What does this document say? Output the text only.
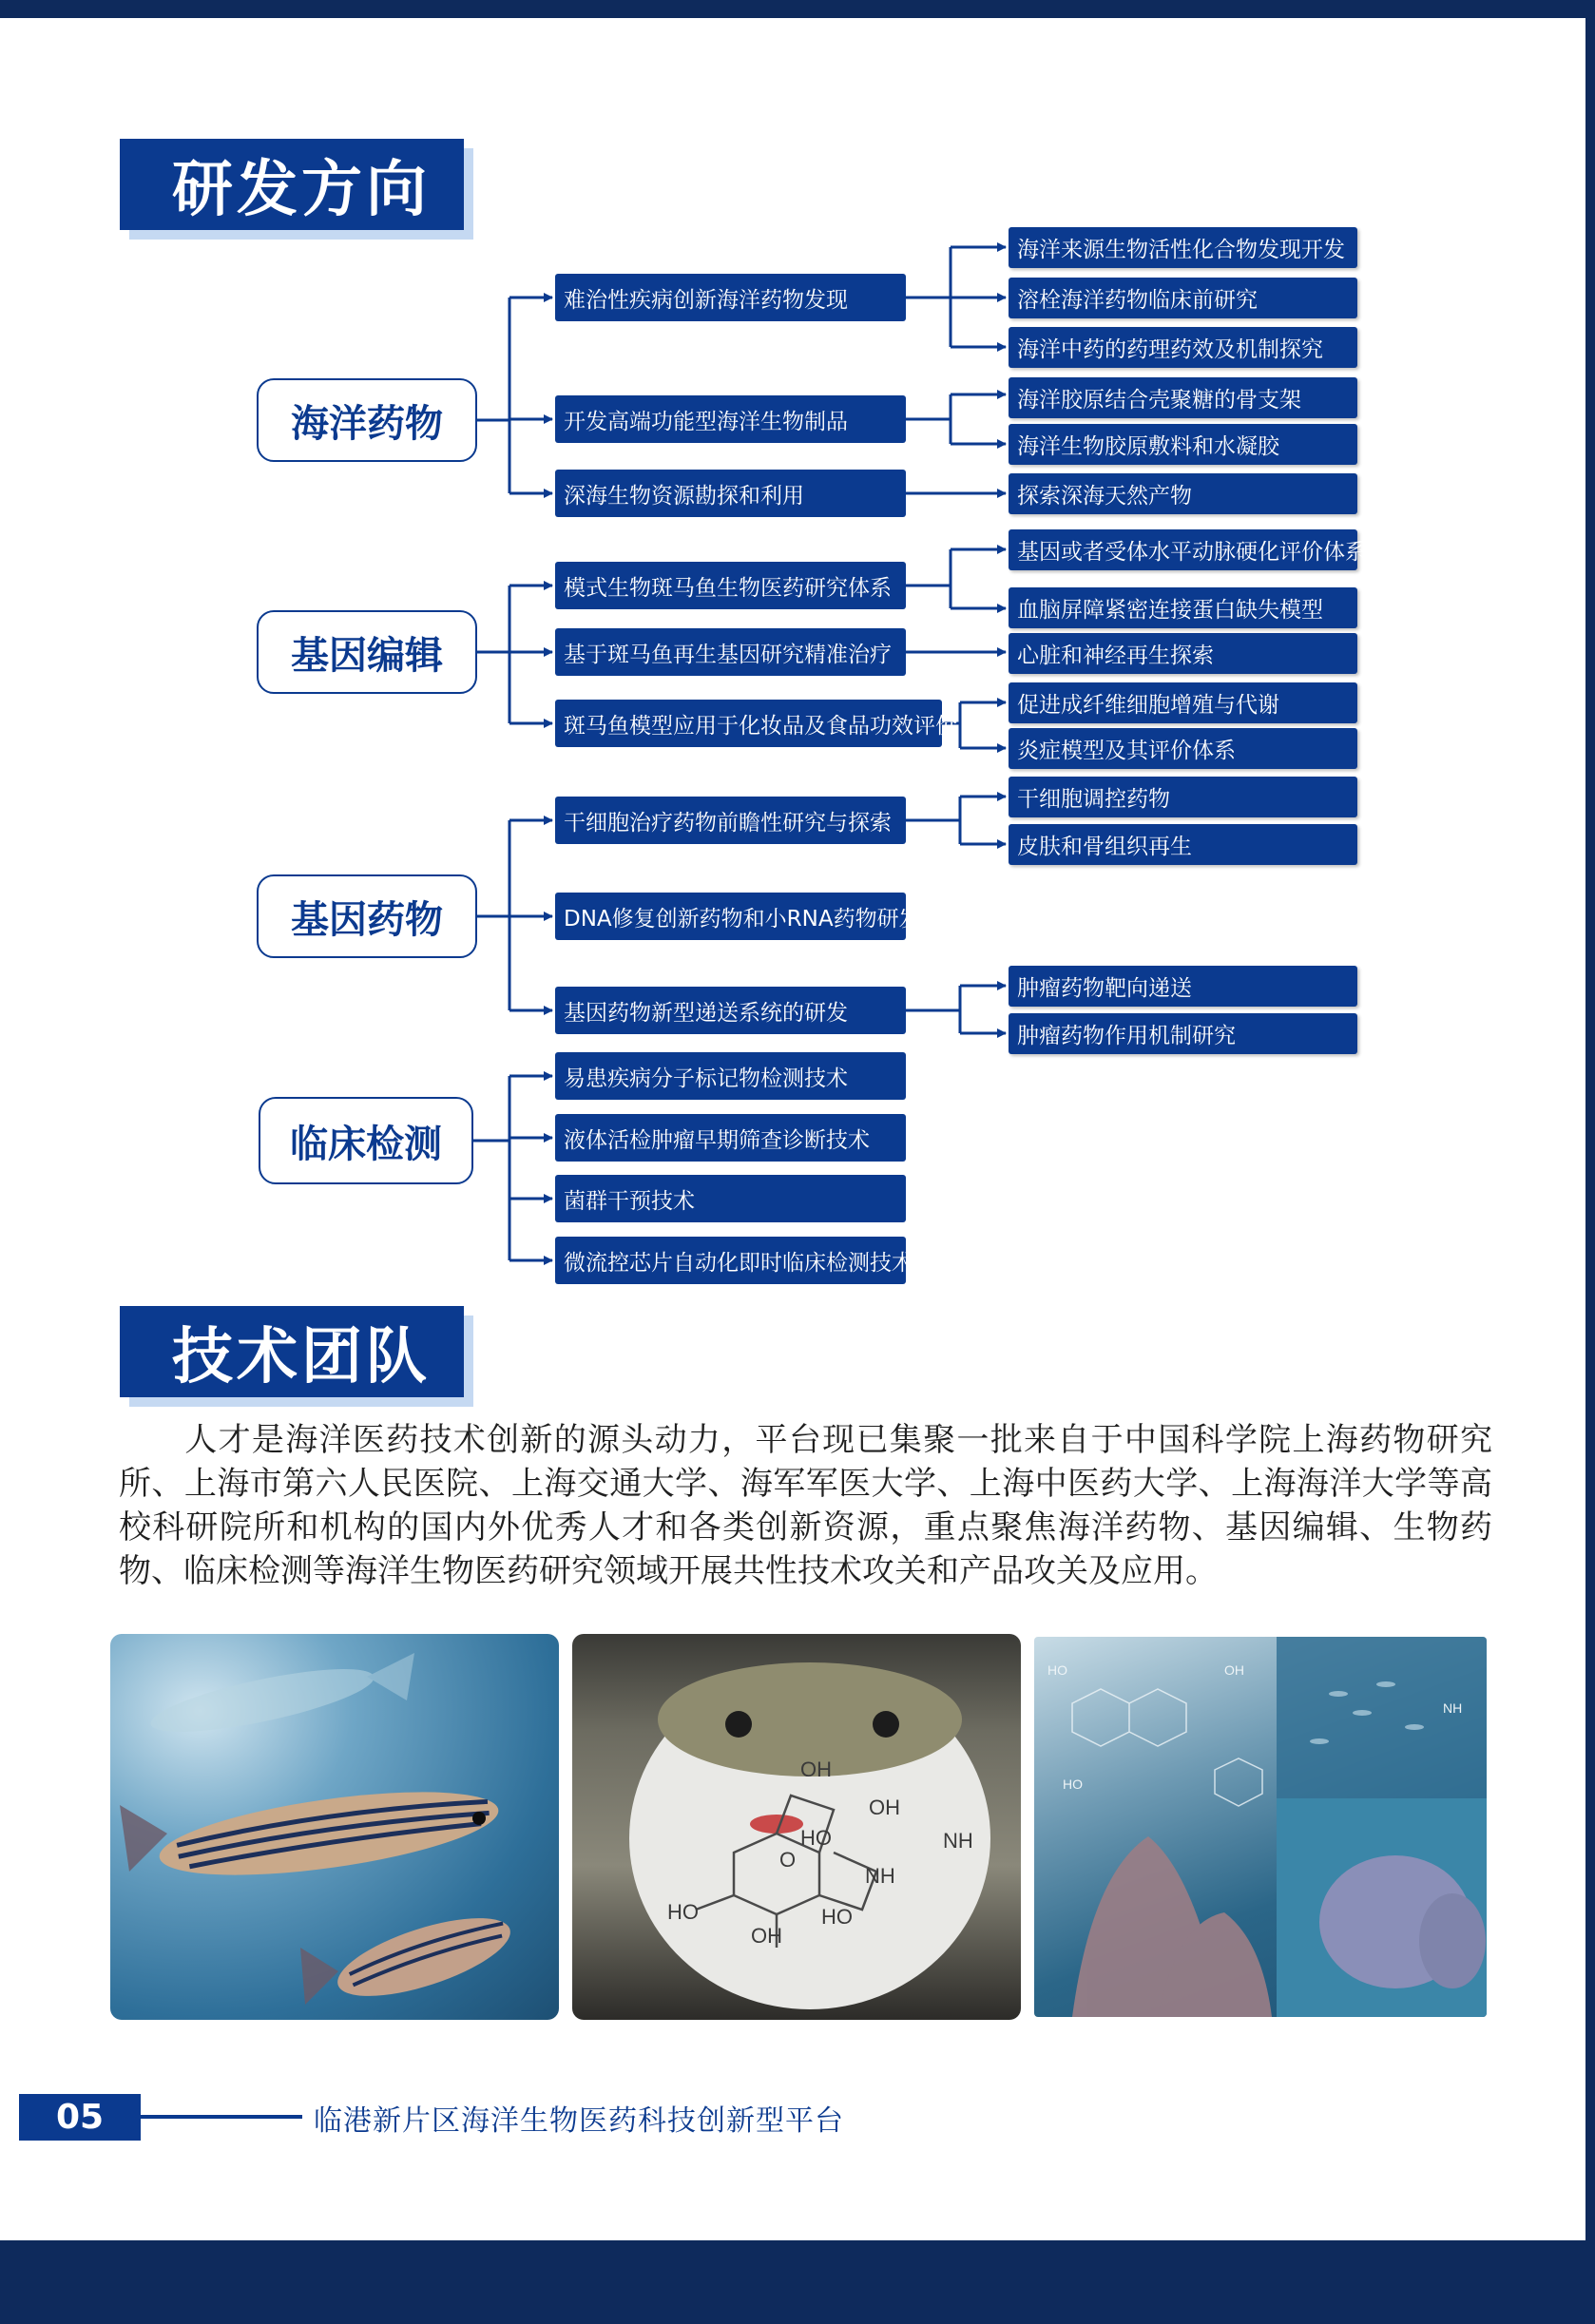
研发方向
海洋药物
基因编辑
基因药物
临床检测
难治性疾病创新海洋药物发现
开发高端功能型海洋生物制品
深海生物资源勘探和利用
模式生物斑马鱼生物医药研究体系
基于斑马鱼再生基因研究精准治疗
斑马鱼模型应用于化妆品及食品功效评价
干细胞治疗药物前瞻性研究与探索
DNA修复创新药物和小RNA药物研发
基因药物新型递送系统的研发
易患疾病分子标记物检测技术
液体活检肿瘤早期筛查诊断技术
菌群干预技术
微流控芯片自动化即时临床检测技术
海洋来源生物活性化合物发现开发
溶栓海洋药物临床前研究
海洋中药的药理药效及机制探究
海洋胶原结合壳聚糖的骨支架
海洋生物胶原敷料和水凝胶
探索深海天然产物
基因或者受体水平动脉硬化评价体系
血脑屏障紧密连接蛋白缺失模型
心脏和神经再生探索
促进成纤维细胞增殖与代谢
炎症模型及其评价体系
干细胞调控药物
皮肤和骨组织再生
肿瘤药物靶向递送
肿瘤药物作用机制研究
技术团队
人才是海洋医药技术创新的源头动力，平台现已集聚一批来自于中国科学院上海药物研究所、上海市第六人民医院、上海交通大学、海军军医大学、上海中医药大学、上海海洋大学等高校科研院所和机构的国内外优秀人才和各类创新资源，重点聚焦海洋药物、基因编辑、生物药物、临床检测等海洋生物医药研究领域开展共性技术攻关和产品攻关及应用。
OH
OH
O
HO	NH
NH
HO
OH
HO
HO
HO
OH
NH
05	临港新片区海洋生物医药科技创新型平台
